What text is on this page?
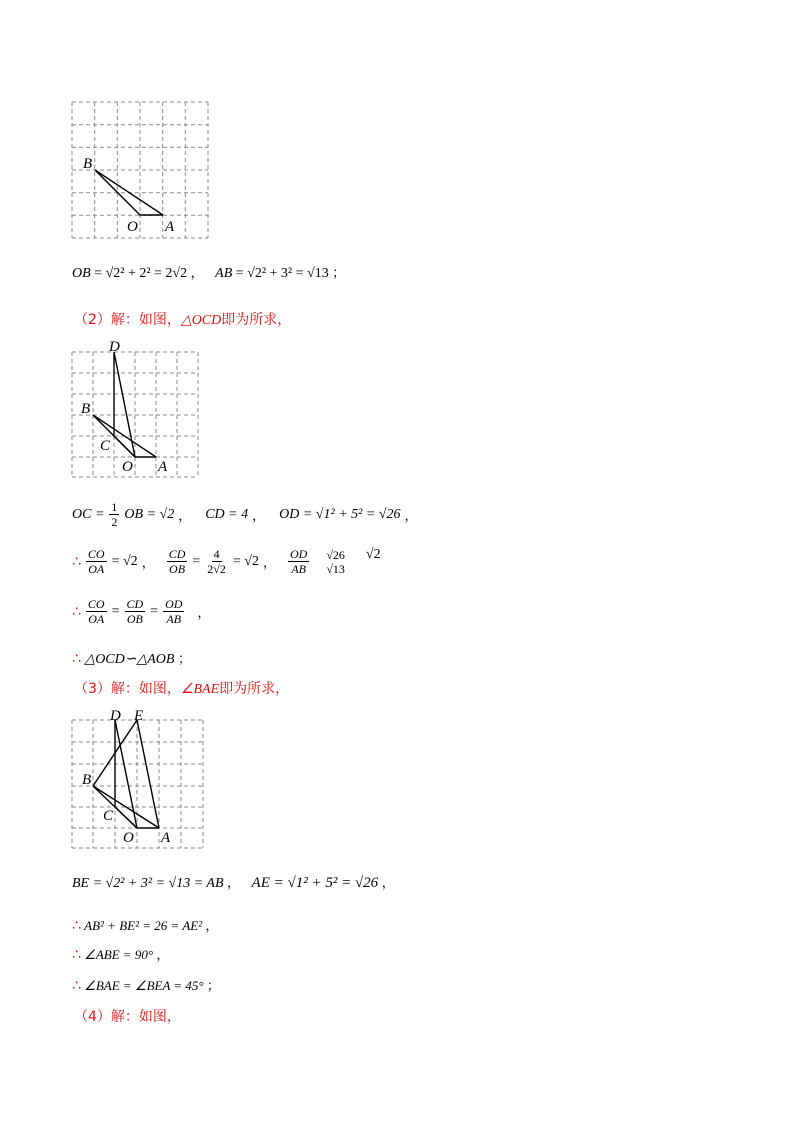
B
O A
OB = √2² + 2² = 2√2 ， AB = √2² + 3² = √13 ；
（2）解：如图，△OCD即为所求，
D
B
C
O A
OC = $\frac{1}{2}$ OB = √2 ， CD = 4 ， OD = √1² + 5² = √26 ，
∴ $\frac{CO}{OA} = √2$ ， $\frac{CD}{OB} = \frac{4}{2√2} = √2$ ， $\frac{OD}{AB} √26$
√13
√2
∴ $\frac{CO}{OA} = \frac{CD}{OB} = \frac{OD}{AB}$ ，
∴ △OCD∽△AOB ；
（3）解：如图，∠BAE即为所求，
D E
B
C
O A
BE = √2² + 3² = √13 = AB ， AE = √1² + 5² = √26 ，
∴ AB² + BE² = 26 = AE² ，
∴ ∠ABE = 90° ，
∴ ∠BAE = ∠BEA = 45° ；
（4）解：如图，
